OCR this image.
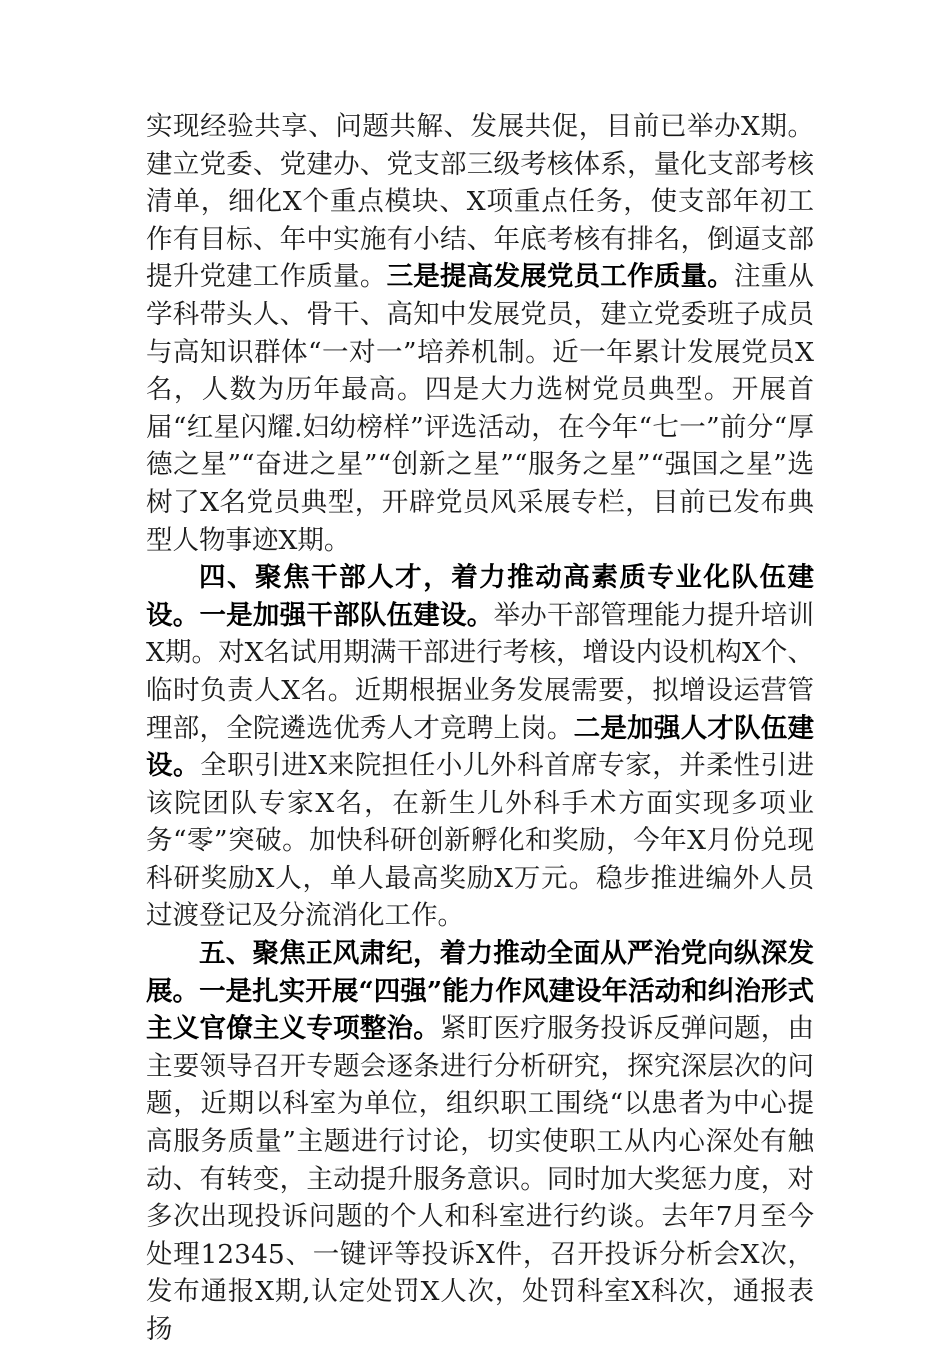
实现经验共享、问题共解、发展共促，目前已举办X期。建立党委、党建办、党支部三级考核体系，量化支部考核清单，细化X个重点模块、X项重点任务，使支部年初工作有目标、年中实施有小结、年底考核有排名，倒逼支部提升党建工作质量。三是提高发展党员工作质量。注重从学科带头人、骨干、高知中发展党员，建立党委班子成员与高知识群体“一对一”培养机制。近一年累计发展党员X名，人数为历年最高。四是大力选树党员典型。开展首届“红星闪耀.妇幼榜样”评选活动，在今年“七一”前分“厚德之星”“奋进之星”“创新之星”“服务之星”“强国之星”选树了X名党员典型，开辟党员风采展专栏，目前已发布典型人物事迹X期。

四、聚焦干部人才，着力推动高素质专业化队伍建设。一是加强干部队伍建设。举办干部管理能力提升培训X期。对X名试用期满干部进行考核，增设内设机构X个、临时负责人X名。近期根据业务发展需要，拟增设运营管理部，全院遴选优秀人才竞聘上岗。二是加强人才队伍建设。全职引进X来院担任小儿外科首席专家，并柔性引进该院团队专家X名，在新生儿外科手术方面实现多项业务“零”突破。加快科研创新孵化和奖励，今年X月份兑现科研奖励X人，单人最高奖励X万元。稳步推进编外人员过渡登记及分流消化工作。

五、聚焦正风肃纪，着力推动全面从严治党向纵深发展。一是扎实开展“四强”能力作风建设年活动和纠治形式主义官僚主义专项整治。紧盯医疗服务投诉反弹问题，由主要领导召开专题会逐条进行分析研究，探究深层次的问题，近期以科室为单位，组织职工围绕“以患者为中心提高服务质量”主题进行讨论，切实使职工从内心深处有触动、有转变，主动提升服务意识。同时加大奖惩力度，对多次出现投诉问题的个人和科室进行约谈。去年7月至今处理12345、一键评等投诉X件，召开投诉分析会X次，发布通报X期,认定处罚X人次，处罚科室X科次，通报表扬
